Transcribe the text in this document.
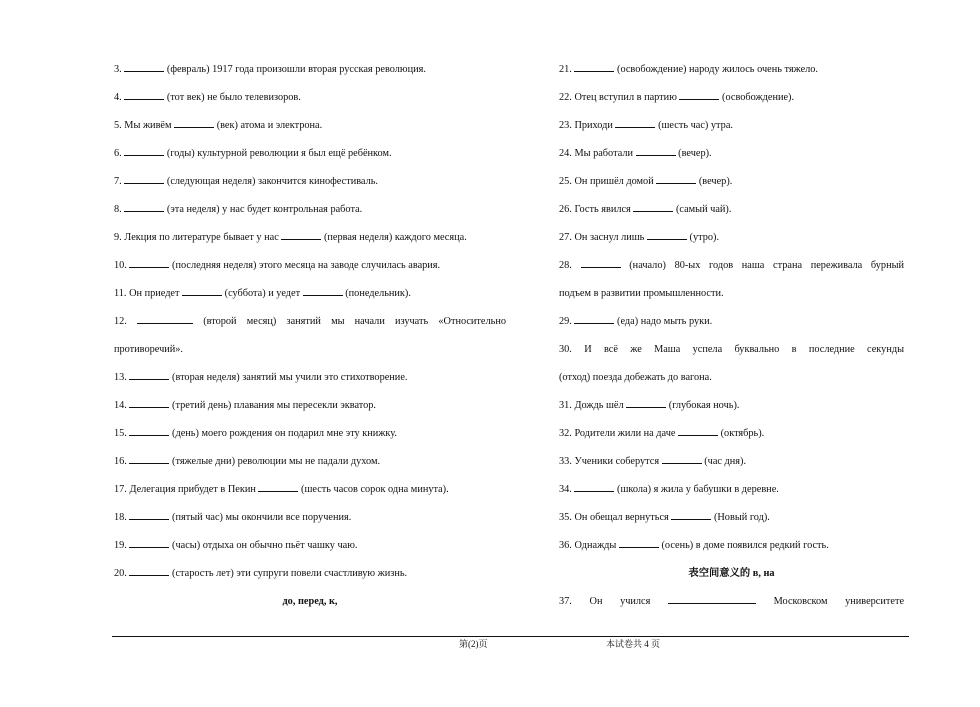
3.	(февраль) 1917 года произошли вторая русская революция.
4.	(тот век) не было телевизоров.
5. Мы живём	(век) атома и электрона.
6.	(годы) культурной революции я был ещё ребёнком.
7.	(следующая неделя) закончится кинофестиваль.
8.	(эта неделя) у нас будет контрольная работа.
9. Лекция по литературе бывает у нас	(первая неделя) каждого месяца.
10.	(последняя неделя) этого месяца на заводе случилась авария.
11. Он приедет	(суббота) и уедет	(понедельник).
12.	(второй месяц) занятий мы начали изучать «Относительно
противоречий».
13.	(вторая неделя) занятий мы учили это стихотворение.
14.	(третий день) плавания мы пересекли экватор.
15.	(день) моего рождения он подарил мне эту книжку.
16.	(тяжелые дни) революции мы не падали духом.
17. Делегация прибудет в Пекин	(шесть часов сорок одна минута).
18.	(пятый час) мы окончили все поручения.
19.	(часы) отдыха он обычно пьёт чашку чаю.
20.	(старость лет) эти супруги повели счастливую жизнь.
до, перед, к,
21.	(освобождение) народу жилось очень тяжело.
22. Отец вступил в партию	(освобождение).
23. Приходи	(шесть час) утра.
24. Мы работали	(вечер).
25. Он пришёл домой	(вечер).
26. Гость явился	(самый чай).
27. Он заснул лишь	(утро).
28.	(начало) 80-ых годов наша страна переживала бурный
подъем в развитии промышленности.
29.	(еда) надо мыть руки.
30. И всё же Маша успела буквально в последние секунды
(отход) поезда добежать до вагона.
31. Дождь шёл	(глубокая ночь).
32. Родители жили на даче	(октябрь).
33. Ученики соберутся	(час дня).
34.	(школа) я жила у бабушки в деревне.
35. Он обещал вернуться	(Новый год).
36. Однажды	(осень) в доме появился редкий гость.
表空间意义的 в, на
37. Он учился	Московском университете
第(2)页	本试卷共 4 页
